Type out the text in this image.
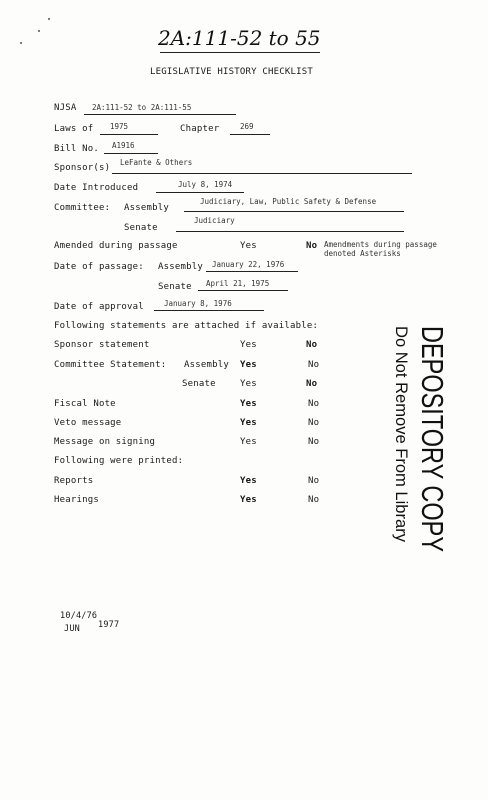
2A:111-52 to 55
LEGISLATIVE HISTORY CHECKLIST
NJSA 2A:111-52 to 2A:111-55
Laws of 1975	Chapter	269
Bill No. A1916
Sponsor(s)
LeFante & Others
Date Introduced	July 8, 1974
Committee: Assembly
Judiciary, Law, Public Safety & Defense
Senate
Judiciary
Amended during passage	Yes	No Amendments during passage
denoted Asterisks
Date of passage: Assembly January 22, 1976
Senate April 21, 1975
Date of approval	January 8, 1976
Following statements are attached if available:
Sponsor statement	Yes	No
Committee Statement: Assembly Yes	No
Senate	Yes	No
Fiscal Note	Yes	No
Veto message	Yes	No
Message on signing	Yes	No
Following were printed:
Reports	Yes	No
Hearings	Yes	No	DEPOSITORY COPY
Do Not Remove From Library
10/4/76
JUN 1977
